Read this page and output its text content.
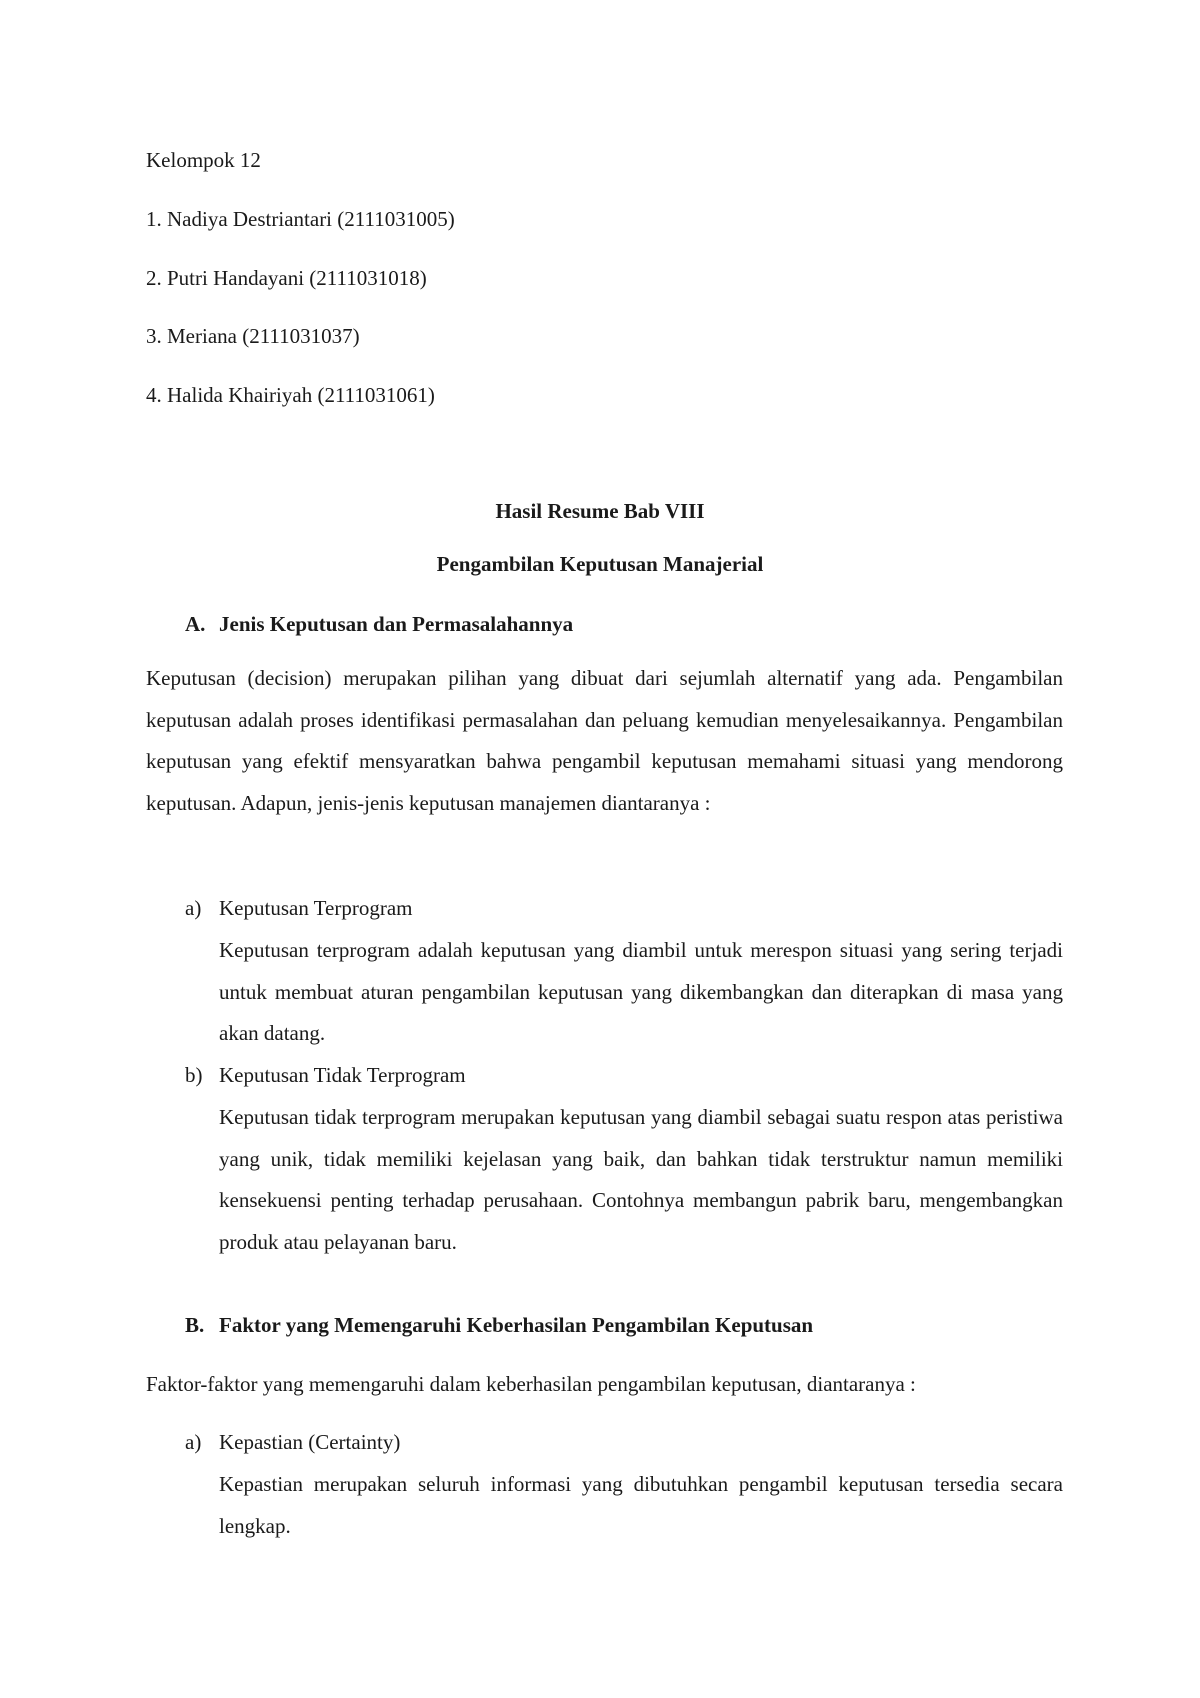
Kelompok 12
1. Nadiya Destriantari (2111031005)
2. Putri Handayani (2111031018)
3. Meriana (2111031037)
4. Halida Khairiyah (2111031061)
Hasil Resume Bab VIII
Pengambilan Keputusan Manajerial
A. Jenis Keputusan dan Permasalahannya
Keputusan (decision) merupakan pilihan yang dibuat dari sejumlah alternatif yang ada. Pengambilan keputusan adalah proses identifikasi permasalahan dan peluang kemudian menyelesaikannya. Pengambilan keputusan yang efektif mensyaratkan bahwa pengambil keputusan memahami situasi yang mendorong keputusan. Adapun, jenis-jenis keputusan manajemen diantaranya :
a) Keputusan Terprogram
Keputusan terprogram adalah keputusan yang diambil untuk merespon situasi yang sering terjadi untuk membuat aturan pengambilan keputusan yang dikembangkan dan diterapkan di masa yang akan datang.
b) Keputusan Tidak Terprogram
Keputusan tidak terprogram merupakan keputusan yang diambil sebagai suatu respon atas peristiwa yang unik, tidak memiliki kejelasan yang baik, dan bahkan tidak terstruktur namun memiliki kensekuensi penting terhadap perusahaan. Contohnya membangun pabrik baru, mengembangkan produk atau pelayanan baru.
B. Faktor yang Memengaruhi Keberhasilan Pengambilan Keputusan
Faktor-faktor yang memengaruhi dalam keberhasilan pengambilan keputusan, diantaranya :
a) Kepastian (Certainty)
Kepastian merupakan seluruh informasi yang dibutuhkan pengambil keputusan tersedia secara lengkap.
